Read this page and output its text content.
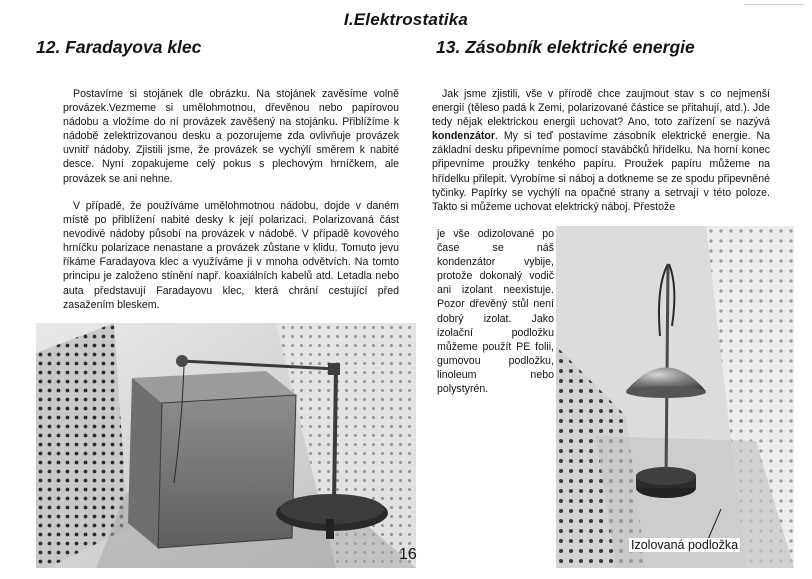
I.Elektrostatika
12. Faradayova klec	13. Zásobník elektrické energie

Postavíme si stojánek dle obrázku. Na stojánek zavěsíme volně provázek.Vezmeme si umělohmotnou, dřevěnou nebo papírovou nádobu a vložíme do ní provázek zavěšený na stojánku. Přiblížíme k nádobě zelektrizovanou desku a pozorujeme zda ovlivňuje provázek uvnitř nádoby. Zjistili jsme, že provázek se vychýlí směrem k nabité desce. Nyní zopakujeme celý pokus s plechovým hrníčkem, ale provázek se ani nehne.

V případě, že používáme umělohmotnou nádobu, dojde v daném místě po přiblížení nabité desky k její polarizaci. Polarizovaná část nevodivé nádoby působí na provázek v nádobě. V případě kovového hrníčku polarizace nenastane a provázek zůstane v klidu. Tomuto jevu říkáme Faradayova klec a využíváme ji v mnoha odvětvích. Na tomto principu je založeno stínění např. koaxiálních kabelů atd. Letadla nebo auta představují Faradayovu klec, která chrání cestující před zasažením bleskem.

Jak jsme zjistili, vše v přírodě chce zaujmout stav s co nejmenší energií (těleso padá k Zemi, polarizované částice se přitahují, atd.). Jde tedy nějak elektrickou energii uchovat? Ano, toto zařízení se nazývá kondenzátor. My si teď postavíme zásobník elektrické energie. Na základní desku připevníme pomocí stavábčků hřídelku. Na horní konec připevníme proužky tenkého papíru. Proužek papíru můžeme na hřídelku přilepit. Vyrobíme si náboj a dotkneme se ze spodu připevněné tyčinky. Papírky se vychýlí na opačné strany a setrvají v této poloze. Takto si můžeme uchovat elektrický náboj. Přestože

je vše odizolované po čase se náš kondenzátor vybije, protože dokonalý vodič ani izolant neexistuje. Pozor dřevěný stůl není dobrý izolat. Jako izolační podložku můžeme použít PE folii, gumovou podložku, linoleum nebo polystyrén.

Izolovaná podložka
16
